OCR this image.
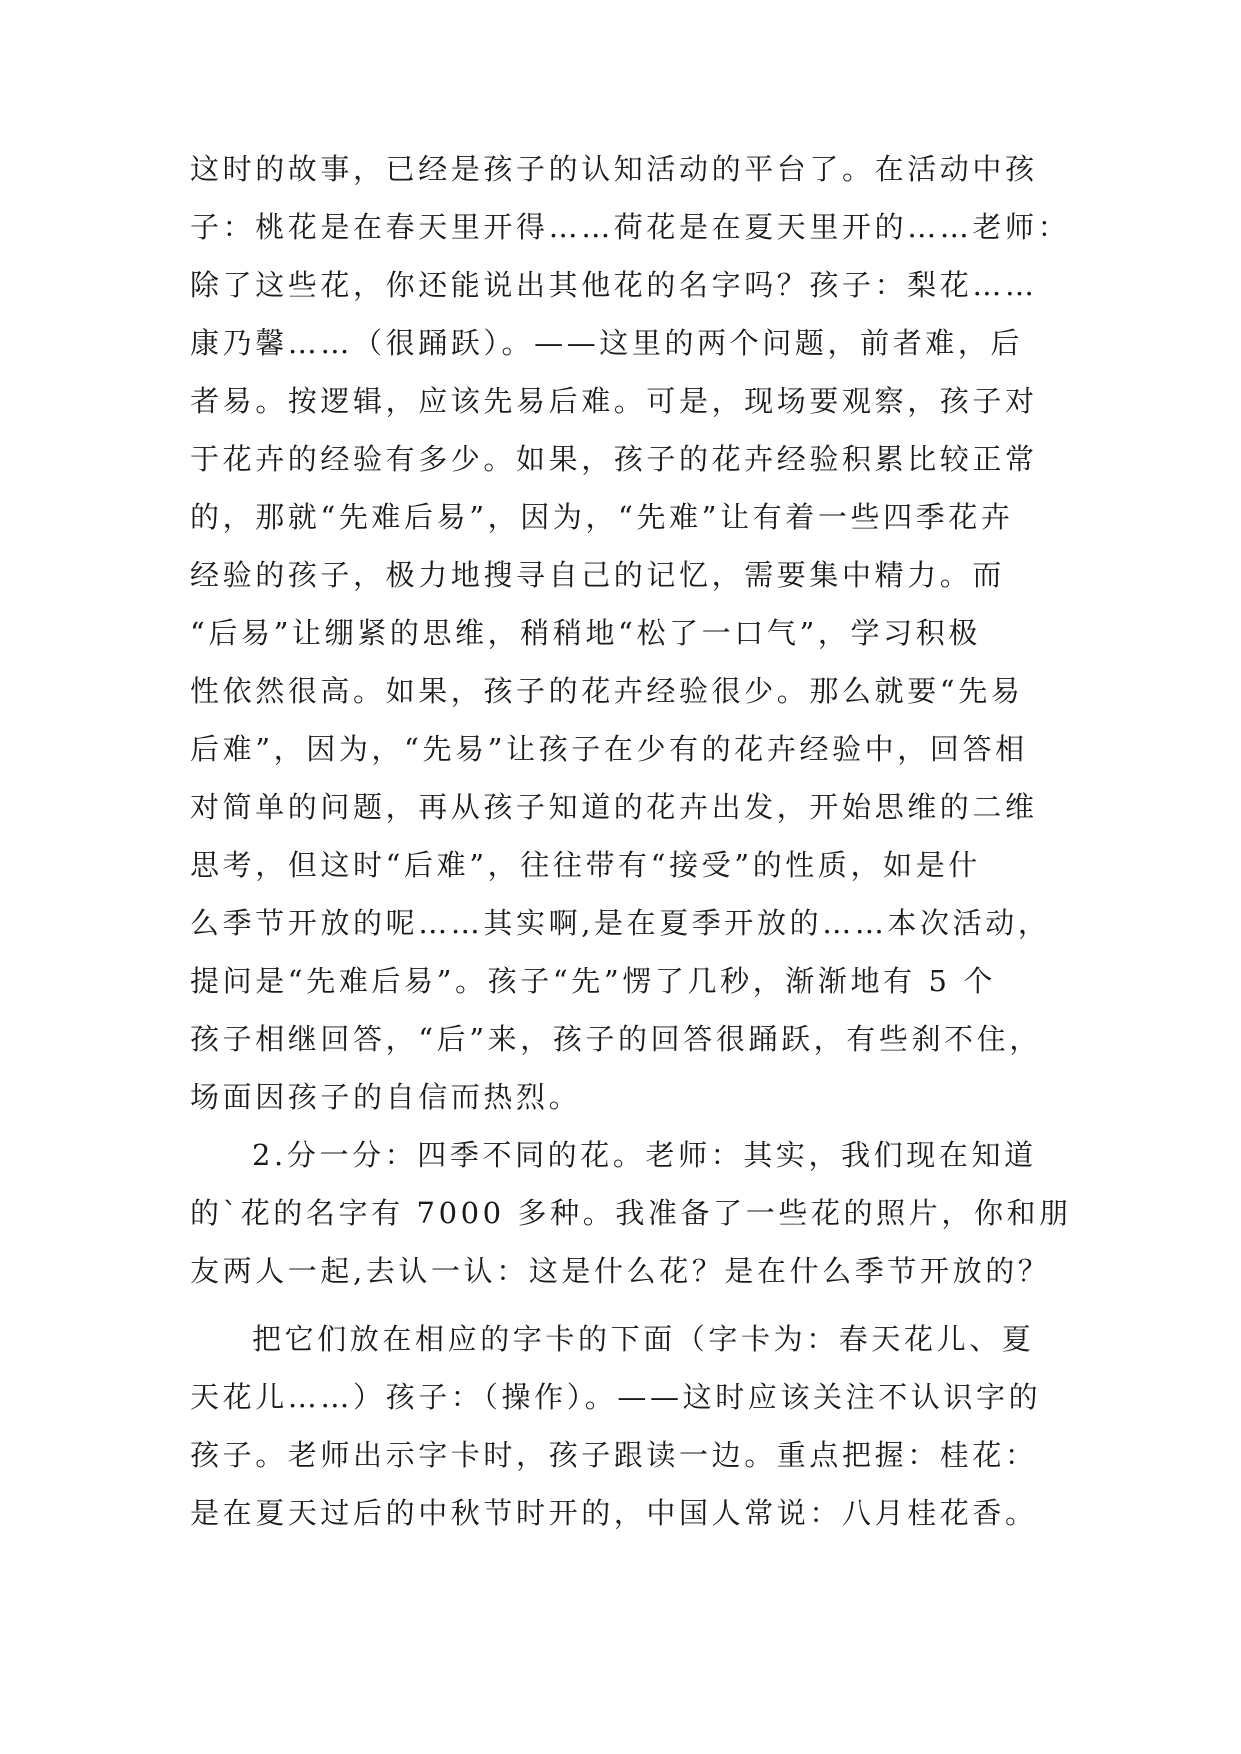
这时的故事，已经是孩子的认知活动的平台了。在活动中孩
子：桃花是在春天里开得……荷花是在夏天里开的……老师：
除了这些花，你还能说出其他花的名字吗？孩子：梨花……
康乃馨……（很踊跃）。——这里的两个问题，前者难，后
者易。按逻辑，应该先易后难。可是，现场要观察，孩子对
于花卉的经验有多少。如果，孩子的花卉经验积累比较正常
的，那就“先难后易”，因为，“先难”让有着一些四季花卉
经验的孩子，极力地搜寻自己的记忆，需要集中精力。而
“后易”让绷紧的思维，稍稍地“松了一口气”，学习积极
性依然很高。如果，孩子的花卉经验很少。那么就要“先易
后难”，因为，“先易”让孩子在少有的花卉经验中，回答相
对简单的问题，再从孩子知道的花卉出发，开始思维的二维
思考，但这时“后难”，往往带有“接受”的性质，如是什
么季节开放的呢……其实啊,是在夏季开放的……本次活动，
提问是“先难后易”。孩子“先”愣了几秒，渐渐地有 5 个
孩子相继回答，“后”来，孩子的回答很踊跃，有些刹不住，
场面因孩子的自信而热烈。
2.分一分：四季不同的花。老师：其实，我们现在知道
的`花的名字有 7000 多种。我准备了一些花的照片，你和朋
友两人一起,去认一认：这是什么花？是在什么季节开放的？
把它们放在相应的字卡的下面（字卡为：春天花儿、夏
天花儿……）孩子：（操作）。——这时应该关注不认识字的
孩子。老师出示字卡时，孩子跟读一边。重点把握：桂花：
是在夏天过后的中秋节时开的，中国人常说：八月桂花香。
